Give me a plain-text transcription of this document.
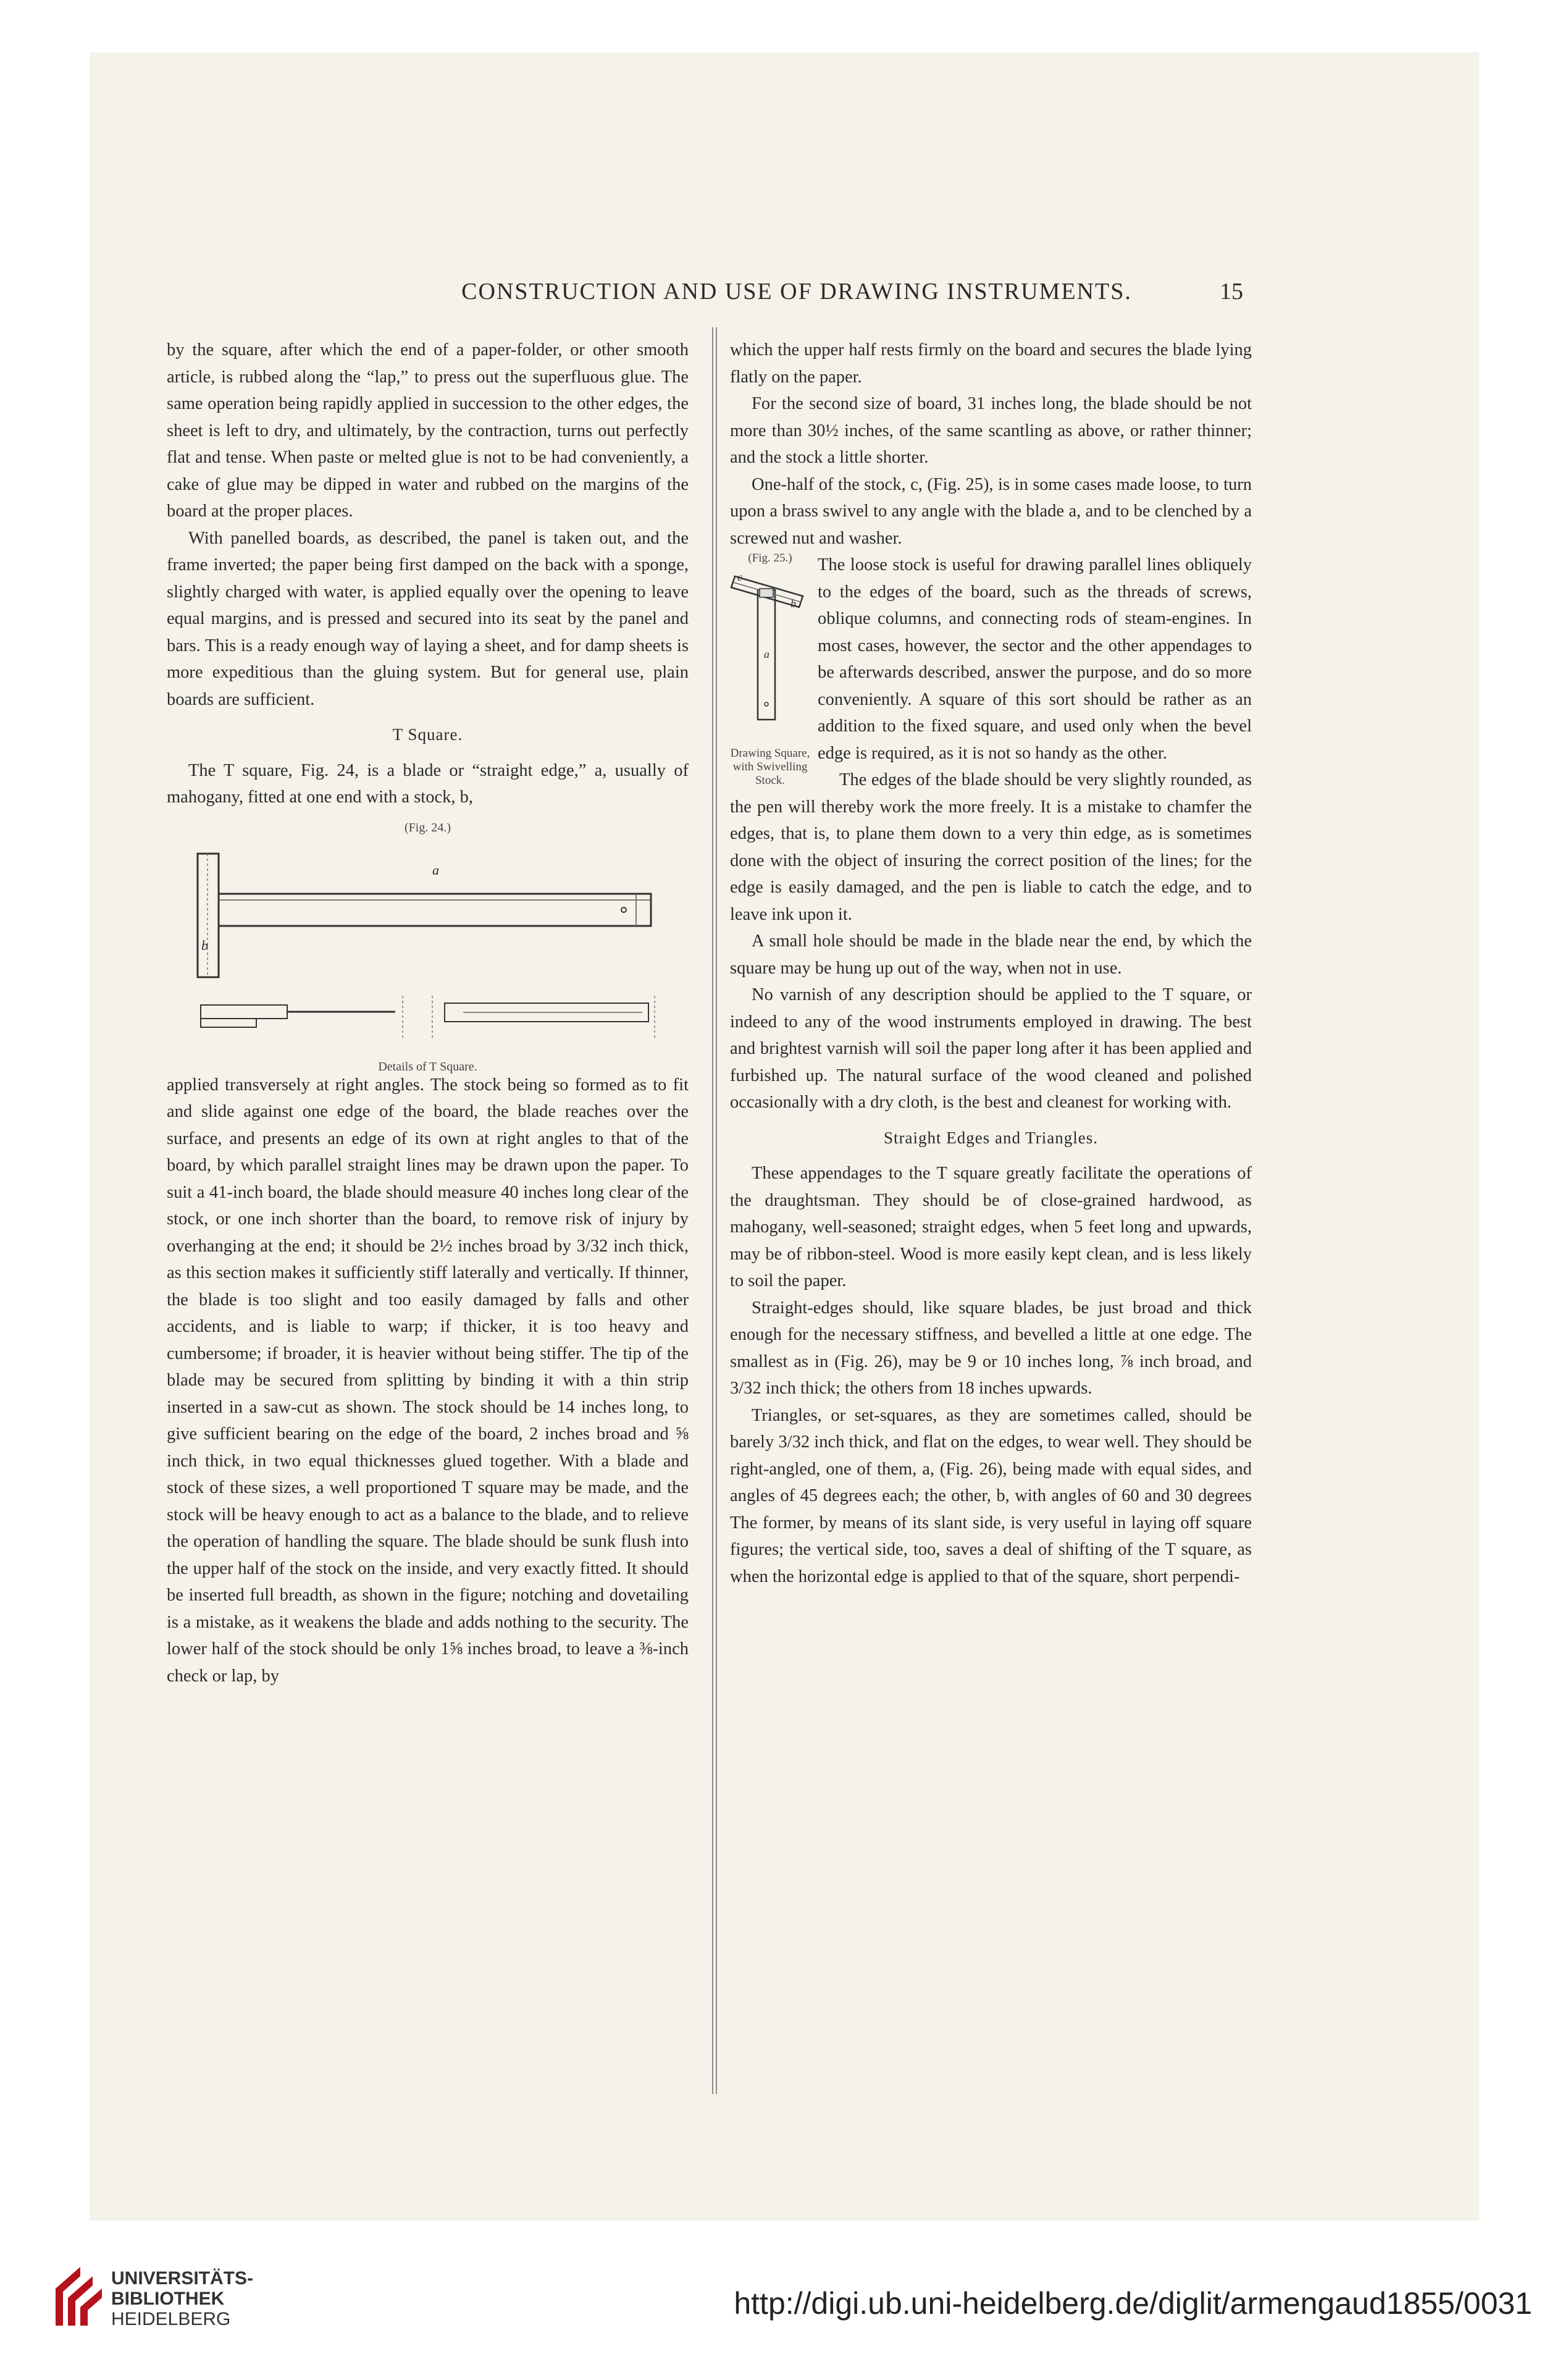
CONSTRUCTION AND USE OF DRAWING INSTRUMENTS.	15

by the square, after which the end of a paper-folder, or other smooth article, is rubbed along the “lap,” to press out the superfluous glue. The same operation being rapidly applied in succession to the other edges, the sheet is left to dry, and ultimately, by the contraction, turns out perfectly flat and tense. When paste or melted glue is not to be had conveniently, a cake of glue may be dipped in water and rubbed on the margins of the board at the proper places.

With panelled boards, as described, the panel is taken out, and the frame inverted; the paper being first damped on the back with a sponge, slightly charged with water, is applied equally over the opening to leave equal margins, and is pressed and secured into its seat by the panel and bars. This is a ready enough way of laying a sheet, and for damp sheets is more expeditious than the gluing system. But for general use, plain boards are sufficient.

T Square.

The T square, Fig. 24, is a blade or “straight edge,” a, usually of mahogany, fitted at one end with a stock, b,

(Fig. 24.)
a
b
Details of T Square.

applied transversely at right angles. The stock being so formed as to fit and slide against one edge of the board, the blade reaches over the surface, and presents an edge of its own at right angles to that of the board, by which parallel straight lines may be drawn upon the paper. To suit a 41-inch board, the blade should measure 40 inches long clear of the stock, or one inch shorter than the board, to remove risk of injury by overhanging at the end; it should be 2½ inches broad by 3/32 inch thick, as this section makes it sufficiently stiff laterally and vertically. If thinner, the blade is too slight and too easily damaged by falls and other accidents, and is liable to warp; if thicker, it is too heavy and cumbersome; if broader, it is heavier without being stiffer. The tip of the blade may be secured from splitting by binding it with a thin strip inserted in a saw-cut as shown. The stock should be 14 inches long, to give sufficient bearing on the edge of the board, 2 inches broad and ⅝ inch thick, in two equal thicknesses glued together. With a blade and stock of these sizes, a well proportioned T square may be made, and the stock will be heavy enough to act as a balance to the blade, and to relieve the operation of handling the square. The blade should be sunk flush into the upper half of the stock on the inside, and very exactly fitted. It should be inserted full breadth, as shown in the figure; notching and dovetailing is a mistake, as it weakens the blade and adds nothing to the security. The lower half of the stock should be only 1⅝ inches broad, to leave a ⅜-inch check or lap, by

which the upper half rests firmly on the board and secures the blade lying flatly on the paper.

For the second size of board, 31 inches long, the blade should be not more than 30½ inches, of the same scantling as above, or rather thinner; and the stock a little shorter.

One-half of the stock, c, (Fig. 25), is in some cases made loose, to turn upon a brass swivel to any angle with the blade a, and to be clenched by a screwed nut and washer.

(Fig. 25.)
c
b
a
Drawing Square, with Swivelling Stock.

The loose stock is useful for drawing parallel lines obliquely to the edges of the board, such as the threads of screws, oblique columns, and connecting rods of steam-engines. In most cases, however, the sector and the other appendages to be afterwards described, answer the purpose, and do so more conveniently. A square of this sort should be rather as an addition to the fixed square, and used only when the bevel edge is required, as it is not so handy as the other.

The edges of the blade should be very slightly rounded, as the pen will thereby work the more freely. It is a mistake to chamfer the edges, that is, to plane them down to a very thin edge, as is sometimes done with the object of insuring the correct position of the lines; for the edge is easily damaged, and the pen is liable to catch the edge, and to leave ink upon it.

A small hole should be made in the blade near the end, by which the square may be hung up out of the way, when not in use.

No varnish of any description should be applied to the T square, or indeed to any of the wood instruments employed in drawing. The best and brightest varnish will soil the paper long after it has been applied and furbished up. The natural surface of the wood cleaned and polished occasionally with a dry cloth, is the best and cleanest for working with.

Straight Edges and Triangles.

These appendages to the T square greatly facilitate the operations of the draughtsman. They should be of close-grained hardwood, as mahogany, well-seasoned; straight edges, when 5 feet long and upwards, may be of ribbon-steel. Wood is more easily kept clean, and is less likely to soil the paper.

Straight-edges should, like square blades, be just broad and thick enough for the necessary stiffness, and bevelled a little at one edge. The smallest as in (Fig. 26), may be 9 or 10 inches long, ⅞ inch broad, and 3/32 inch thick; the others from 18 inches upwards.

Triangles, or set-squares, as they are sometimes called, should be barely 3/32 inch thick, and flat on the edges, to wear well. They should be right-angled, one of them, a, (Fig. 26), being made with equal sides, and angles of 45 degrees each; the other, b, with angles of 60 and 30 degrees The former, by means of its slant side, is very useful in laying off square figures; the vertical side, too, saves a deal of shifting of the T square, as when the horizontal edge is applied to that of the square, short perpendi-

UNIVERSITÄTS-
BIBLIOTHEK
HEIDELBERG	http://digi.ub.uni-heidelberg.de/diglit/armengaud1855/0031
